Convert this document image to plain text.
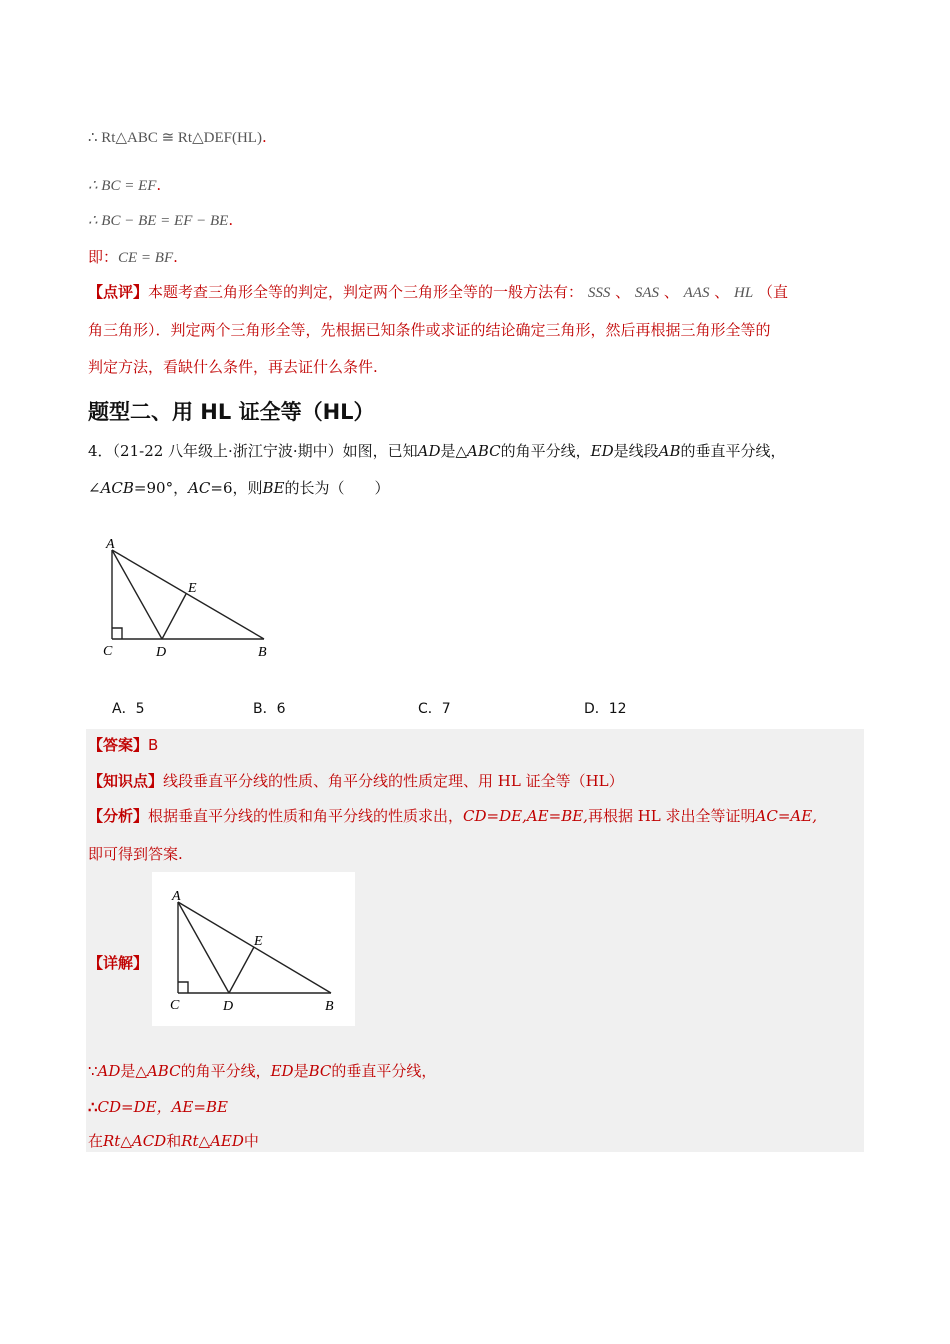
∴ Rt△ABC ≅ Rt△DEF(HL).
∴ BC = EF.
∴ BC − BE = EF − BE.
即：CE = BF.
【点评】本题考查三角形全等的判定，判定两个三角形全等的一般方法有： SSS 、 SAS 、 AAS 、 HL （直
角三角形）．判定两个三角形全等，先根据已知条件或求证的结论确定三角形，然后再根据三角形全等的
判定方法，看缺什么条件，再去证什么条件.
题型二、用 HL 证全等（HL）
4．（21-22 八年级上·浙江宁波·期中）如图，已知AD是△ABC的角平分线，ED是线段AB的垂直平分线，
∠ACB=90°，AC=6，则BE的长为（　　）
A
E
C	D	B
A．5	B．6	C．7	D．12
【答案】B
【知识点】线段垂直平分线的性质、角平分线的性质定理、用 HL 证全等（HL）
【分析】根据垂直平分线的性质和角平分线的性质求出，CD=DE,AE=BE,再根据 HL 求出全等证明AC=AE,
即可得到答案.
【详解】
A
E
C	D	B
∵AD是△ABC的角平分线，ED是BC的垂直平分线，
∴CD=DE，AE=BE
在Rt△ACD和Rt△AED中
